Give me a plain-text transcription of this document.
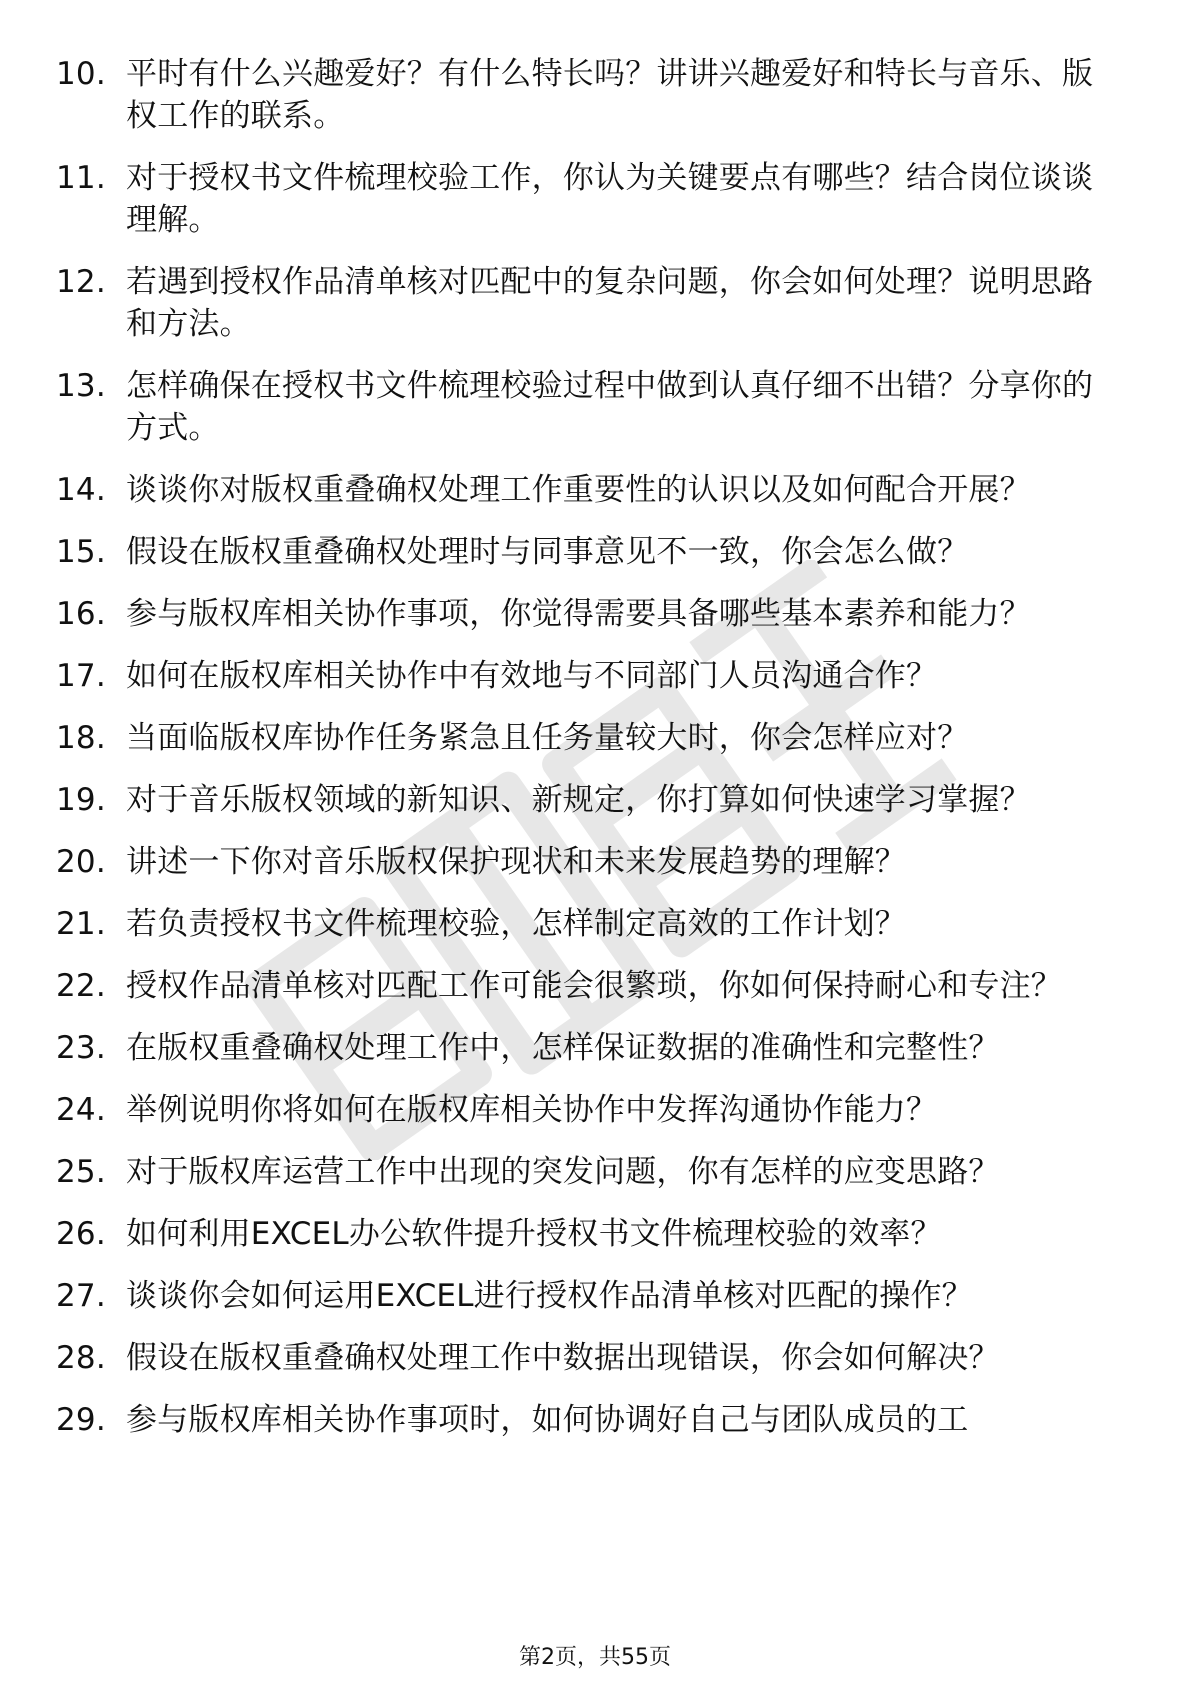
10. 平时有什么兴趣爱好？有什么特长吗？讲讲兴趣爱好和特长与音乐、版权工作的联系。
11. 对于授权书文件梳理校验工作，你认为关键要点有哪些？结合岗位谈谈理解。
12. 若遇到授权作品清单核对匹配中的复杂问题，你会如何处理？说明思路和方法。
13. 怎样确保在授权书文件梳理校验过程中做到认真仔细不出错？分享你的方式。
14. 谈谈你对版权重叠确权处理工作重要性的认识以及如何配合开展？
15. 假设在版权重叠确权处理时与同事意见不一致，你会怎么做？
16. 参与版权库相关协作事项，你觉得需要具备哪些基本素养和能力？
17. 如何在版权库相关协作中有效地与不同部门人员沟通合作？
18. 当面临版权库协作任务紧急且任务量较大时，你会怎样应对？
19. 对于音乐版权领域的新知识、新规定，你打算如何快速学习掌握？
20. 讲述一下你对音乐版权保护现状和未来发展趋势的理解？
21. 若负责授权书文件梳理校验，怎样制定高效的工作计划？
22. 授权作品清单核对匹配工作可能会很繁琐，你如何保持耐心和专注？
23. 在版权重叠确权处理工作中，怎样保证数据的准确性和完整性？
24. 举例说明你将如何在版权库相关协作中发挥沟通协作能力？
25. 对于版权库运营工作中出现的突发问题，你有怎样的应变思路？
26. 如何利用EXCEL办公软件提升授权书文件梳理校验的效率？
27. 谈谈你会如何运用EXCEL进行授权作品清单核对匹配的操作？
28. 假设在版权重叠确权处理工作中数据出现错误，你会如何解决？
29. 参与版权库相关协作事项时，如何协调好自己与团队成员的工
第2页，共55页
